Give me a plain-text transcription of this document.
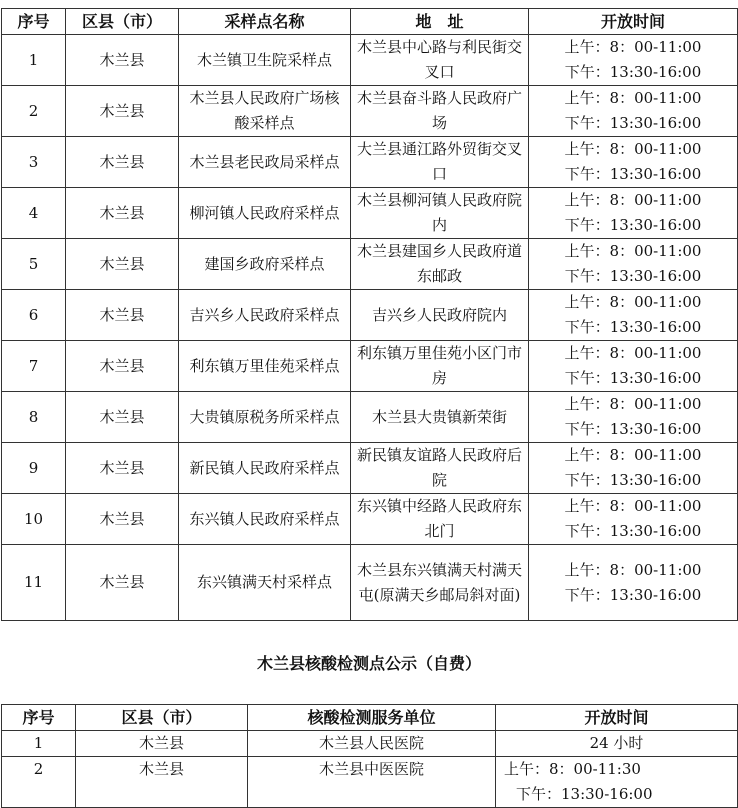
序号	区县（市）	采样点名称	地　址	开放时间

1	木兰县	木兰镇卫生院采样点	木兰县中心路与利民街交叉口	上午：8：00-11:00
下午：13:30-16:00

2	木兰县	木兰县人民政府广场核酸采样点	木兰县奋斗路人民政府广场	上午：8：00-11:00
下午：13:30-16:00

3	木兰县	木兰县老民政局采样点	大兰县通江路外贸街交叉口	上午：8：00-11:00
下午：13:30-16:00

4	木兰县	柳河镇人民政府采样点	木兰县柳河镇人民政府院内	上午：8：00-11:00
下午：13:30-16:00

5	木兰县	建国乡政府采样点	木兰县建国乡人民政府道东邮政	上午：8：00-11:00
下午：13:30-16:00

6	木兰县	吉兴乡人民政府采样点	吉兴乡人民政府院内	上午：8：00-11:00
下午：13:30-16:00

7	木兰县	利东镇万里佳苑采样点	利东镇万里佳苑小区门市房	上午：8：00-11:00
下午：13:30-16:00

8	木兰县	大贵镇原税务所采样点	木兰县大贵镇新荣街	上午：8：00-11:00
下午：13:30-16:00

9	木兰县	新民镇人民政府采样点	新民镇友谊路人民政府后院	上午：8：00-11:00
下午：13:30-16:00

10	木兰县	东兴镇人民政府采样点	东兴镇中经路人民政府东北门	上午：8：00-11:00
下午：13:30-16:00

11	木兰县	东兴镇满天村采样点	木兰县东兴镇满天村满天屯(原满天乡邮局斜对面)	上午：8：00-11:00
下午：13:30-16:00
木兰县核酸检测点公示（自费）
序号	区县（市）	核酸检测服务单位	开放时间
1	木兰县	木兰县人民医院	24 小时
2	木兰县	木兰县中医医院	上午：8：00-11:30
下午：13:30-16:00
